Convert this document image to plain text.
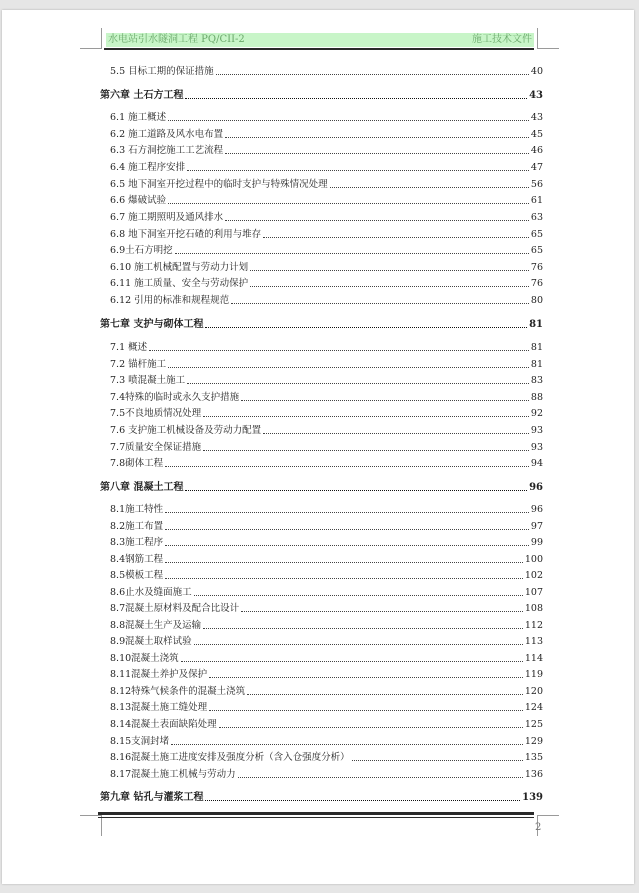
水电站引水隧洞工程 PQ/CII-2	施工技术文件
5.5 目标工期的保证措施	40
第六章 土石方工程	43
6.1 施工概述	43
6.2 施工道路及风水电布置	45
6.3 石方洞挖施工工艺流程	46
6.4 施工程序安排	47
6.5 地下洞室开挖过程中的临时支护与特殊情况处理	56
6.6 爆破试验	61
6.7 施工期照明及通风排水	63
6.8 地下洞室开挖石碴的利用与堆存	65
6.9土石方明挖	65
6.10 施工机械配置与劳动力计划	76
6.11 施工质量、安全与劳动保护	76
6.12 引用的标准和规程规范	80
第七章 支护与砌体工程	81
7.1 概述	81
7.2 锚杆施工	81
7.3 喷混凝土施工	83
7.4特殊的临时或永久支护措施	88
7.5不良地质情况处理	92
7.6 支护施工机械设备及劳动力配置	93
7.7质量安全保证措施	93
7.8砌体工程	94
第八章 混凝土工程	96
8.1施工特性	96
8.2施工布置	97
8.3施工程序	99
8.4钢筋工程	100
8.5模板工程	102
8.6止水及缝面施工	107
8.7混凝土原材料及配合比设计	108
8.8混凝土生产及运输	112
8.9混凝土取样试验	113
8.10混凝土浇筑	114
8.11混凝土养护及保护	119
8.12特殊气候条件的混凝土浇筑	120
8.13混凝土施工缝处理	124
8.14混凝土表面缺陷处理	125
8.15支洞封堵	129
8.16混凝土施工进度安排及强度分析（含入仓强度分析）	135
8.17混凝土施工机械与劳动力	136
第九章 钻孔与灌浆工程	139
2
